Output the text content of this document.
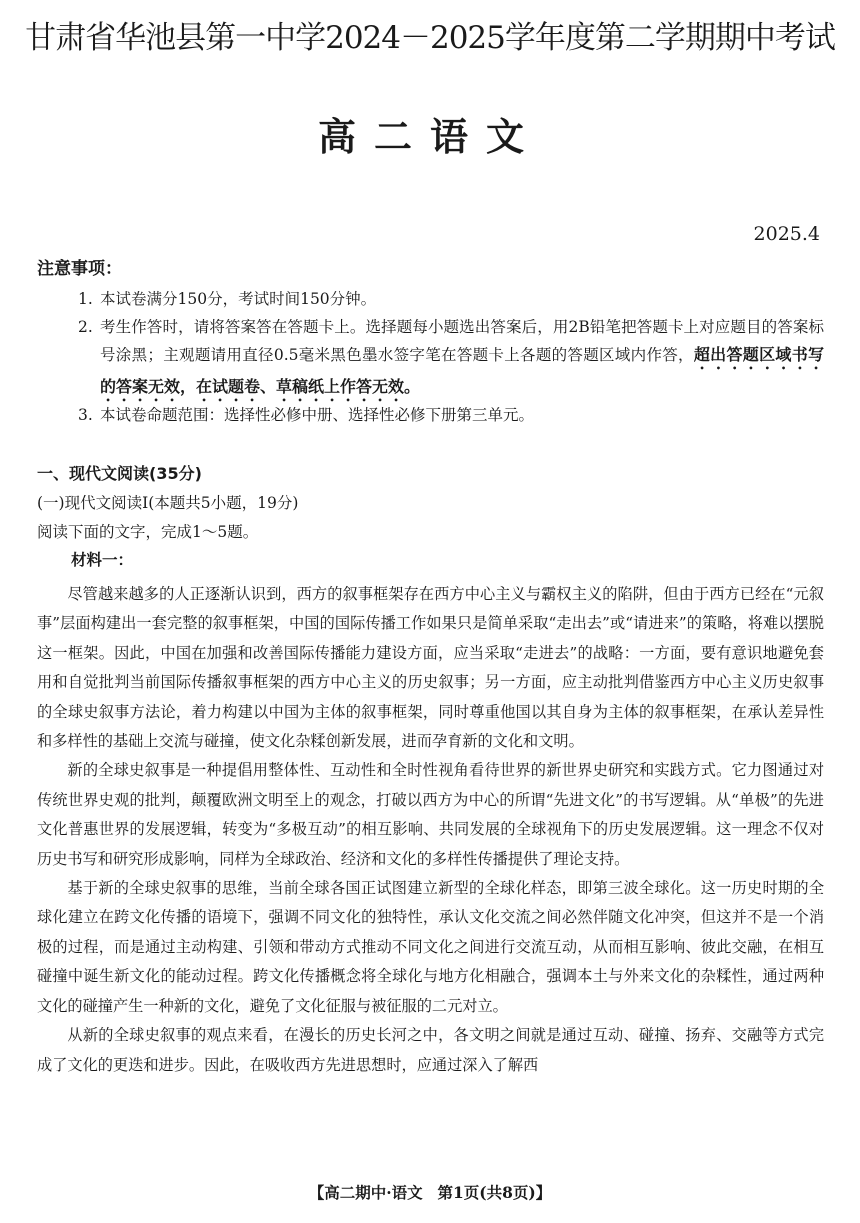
甘肃省华池县第一中学2024－2025学年度第二学期期中考试
高二语文
2025.4
注意事项：
1. 本试卷满分150分，考试时间150分钟。
2. 考生作答时，请将答案答在答题卡上。选择题每小题选出答案后，用2B铅笔把答题卡上对应题目的答案标号涂黑；主观题请用直径0.5毫米黑色墨水签字笔在答题卡上各题的答题区域内作答，超出答题区域书写的答案无效，在试题卷、草稿纸上作答无效。
3. 本试卷命题范围：选择性必修中册、选择性必修下册第三单元。
一、现代文阅读(35分)
(一)现代文阅读Ⅰ(本题共5小题，19分)
阅读下面的文字，完成1～5题。
材料一：

尽管越来越多的人正逐渐认识到，西方的叙事框架存在西方中心主义与霸权主义的陷阱，但由于西方已经在“元叙事”层面构建出一套完整的叙事框架，中国的国际传播工作如果只是简单采取“走出去”或“请进来”的策略，将难以摆脱这一框架。因此，中国在加强和改善国际传播能力建设方面，应当采取“走进去”的战略：一方面，要有意识地避免套用和自觉批判当前国际传播叙事框架的西方中心主义的历史叙事；另一方面，应主动批判借鉴西方中心主义历史叙事的全球史叙事方法论，着力构建以中国为主体的叙事框架，同时尊重他国以其自身为主体的叙事框架，在承认差异性和多样性的基础上交流与碰撞，使文化杂糅创新发展，进而孕育新的文化和文明。

新的全球史叙事是一种提倡用整体性、互动性和全时性视角看待世界的新世界史研究和实践方式。它力图通过对传统世界史观的批判，颠覆欧洲文明至上的观念，打破以西方为中心的所谓“先进文化”的书写逻辑。从“单极”的先进文化普惠世界的发展逻辑，转变为“多极互动”的相互影响、共同发展的全球视角下的历史发展逻辑。这一理念不仅对历史书写和研究形成影响，同样为全球政治、经济和文化的多样性传播提供了理论支持。

基于新的全球史叙事的思维，当前全球各国正试图建立新型的全球化样态，即第三波全球化。这一历史时期的全球化建立在跨文化传播的语境下，强调不同文化的独特性，承认文化交流之间必然伴随文化冲突，但这并不是一个消极的过程，而是通过主动构建、引领和带动方式推动不同文化之间进行交流互动，从而相互影响、彼此交融，在相互碰撞中诞生新文化的能动过程。跨文化传播概念将全球化与地方化相融合，强调本土与外来文化的杂糅性，通过两种文化的碰撞产生一种新的文化，避免了文化征服与被征服的二元对立。

从新的全球史叙事的观点来看，在漫长的历史长河之中，各文明之间就是通过互动、碰撞、扬弃、交融等方式完成了文化的更迭和进步。因此，在吸收西方先进思想时，应通过深入了解西

【高二期中·语文 第1页(共8页)】
